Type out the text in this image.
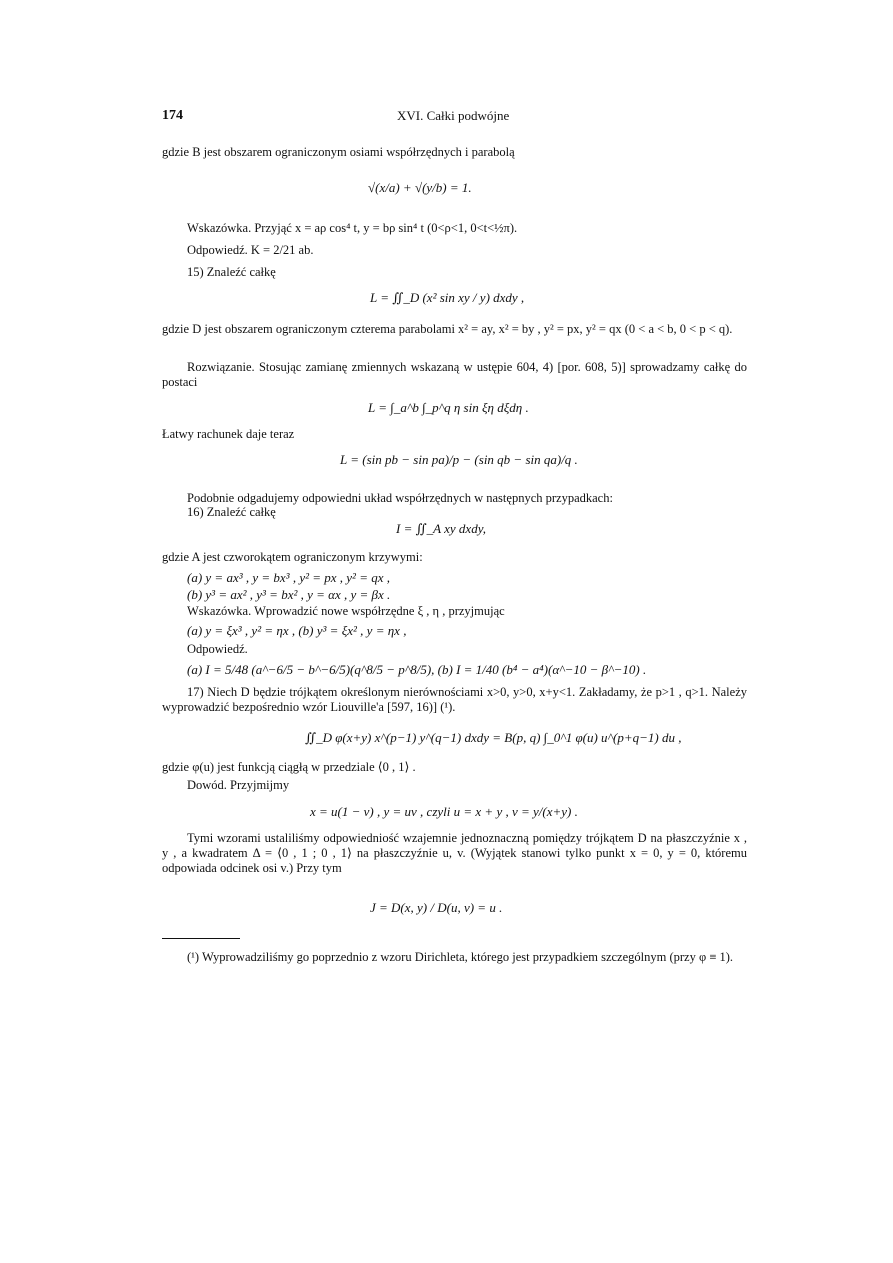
174	XVI. Całki podwójne
gdzie B jest obszarem ograniczonym osiami współrzędnych i parabolą
√(x/a) + √(y/b) = 1.
Wskazówka. Przyjąć x = aρ cos⁴ t, y = bρ sin⁴ t (0<ρ<1, 0<t<½π).
Odpowiedź. K = 2/21 ab.
15) Znaleźć całkę
L = ∬_D (x² sin xy / y) dxdy ,
gdzie D jest obszarem ograniczonym czterema parabolami x² = ay, x² = by , y² = px, y² = qx (0 < a < b, 0 < p < q).
Rozwiązanie. Stosując zamianę zmiennych wskazaną w ustępie 604, 4) [por. 608, 5)] sprowadzamy całkę do postaci
L = ∫_a^b ∫_p^q η sin ξη dξdη .
Łatwy rachunek daje teraz
L = (sin pb − sin pa)/p − (sin qb − sin qa)/q .
Podobnie odgadujemy odpowiedni układ współrzędnych w następnych przypadkach:
16) Znaleźć całkę
I = ∬_A xy dxdy,
gdzie A jest czworokątem ograniczonym krzywymi:
(a) y = ax³ , y = bx³ , y² = px , y² = qx ,
(b) y³ = ax² , y³ = bx² , y = αx , y = βx .
Wskazówka. Wprowadzić nowe współrzędne ξ , η , przyjmując
(a) y = ξx³ , y² = ηx , (b) y³ = ξx² , y = ηx ,
Odpowiedź.
(a) I = 5/48 (a^−6/5 − b^−6/5)(q^8/5 − p^8/5), (b) I = 1/40 (b⁴ − a⁴)(α^−10 − β^−10) .
17) Niech D będzie trójkątem określonym nierównościami x>0, y>0, x+y<1. Zakładamy, że p>1 , q>1. Należy wyprowadzić bezpośrednio wzór Liouville'a [597, 16)] (¹).
∬_D φ(x+y) x^(p−1) y^(q−1) dxdy = B(p, q) ∫_0^1 φ(u) u^(p+q−1) du ,
gdzie φ(u) jest funkcją ciągłą w przedziale ⟨0 , 1⟩ .
Dowód. Przyjmijmy
x = u(1 − v) , y = uv , czyli u = x + y , v = y/(x+y) .
Tymi wzorami ustaliliśmy odpowiedniość wzajemnie jednoznaczną pomiędzy trójkątem D na płaszczyźnie x , y , a kwadratem Δ = ⟨0 , 1 ; 0 , 1⟩ na płaszczyźnie u, v. (Wyjątek stanowi tylko punkt x = 0, y = 0, któremu odpowiada odcinek osi v.) Przy tym
J = D(x, y) / D(u, v) = u .
(¹) Wyprowadziliśmy go poprzednio z wzoru Dirichleta, którego jest przypadkiem szczególnym (przy φ ≡ 1).
